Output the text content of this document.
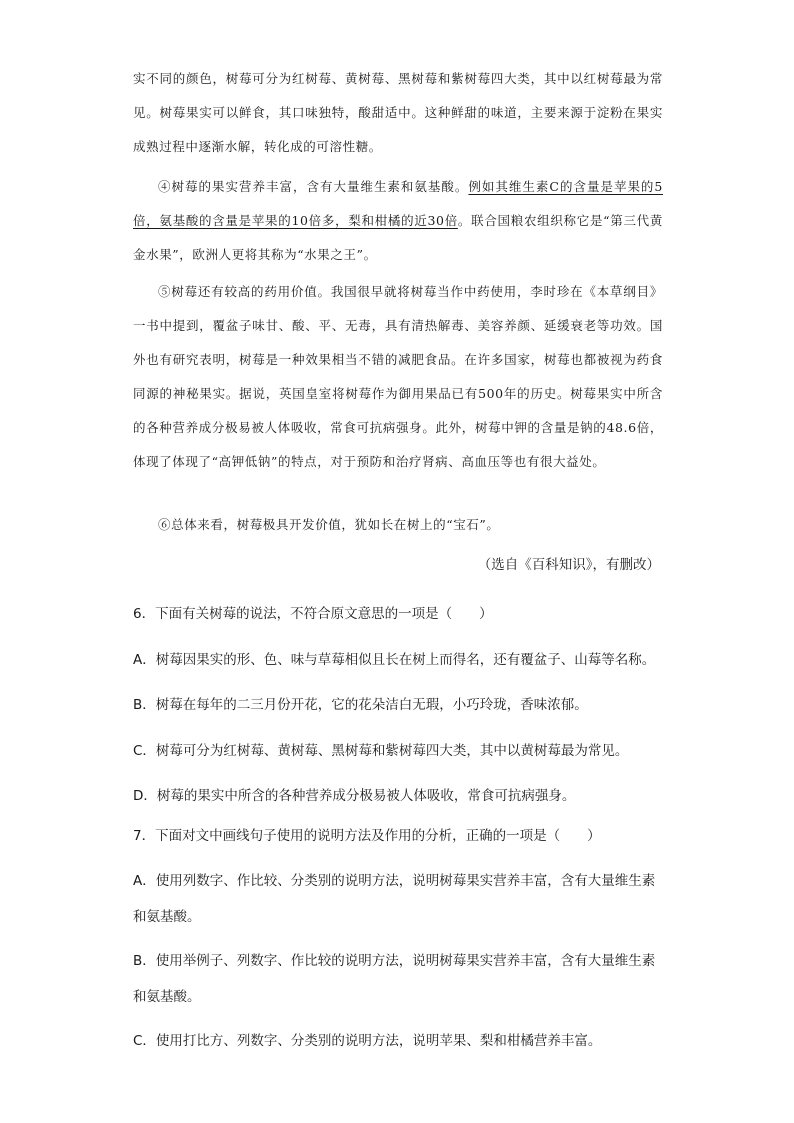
实不同的颜色，树莓可分为红树莓、黄树莓、黑树莓和紫树莓四大类，其中以红树莓最为常见。树莓果实可以鲜食，其口味独特，酸甜适中。这种鲜甜的味道，主要来源于淀粉在果实成熟过程中逐渐水解，转化成的可溶性糖。

④树莓的果实营养丰富，含有大量维生素和氨基酸。例如其维生素C的含量是苹果的5倍，氨基酸的含量是苹果的10倍多，梨和柑橘的近30倍。联合国粮农组织称它是“第三代黄金水果”，欧洲人更将其称为“水果之王”。

⑤树莓还有较高的药用价值。我国很早就将树莓当作中药使用，李时珍在《本草纲目》一书中提到，覆盆子味甘、酸、平、无毒，具有清热解毒、美容养颜、延缓衰老等功效。国外也有研究表明，树莓是一种效果相当不错的减肥食品。在许多国家，树莓也都被视为药食同源的神秘果实。据说，英国皇室将树莓作为御用果品已有500年的历史。树莓果实中所含的各种营养成分极易被人体吸收，常食可抗病强身。此外，树莓中钾的含量是钠的48.6倍，体现了体现了“高钾低钠”的特点，对于预防和治疗肾病、高血压等也有很大益处。

⑥总体来看，树莓极具开发价值，犹如长在树上的“宝石”。

（选自《百科知识》，有删改）

6．下面有关树莓的说法，不符合原文意思的一项是（　　）

A．树莓因果实的形、色、味与草莓相似且长在树上而得名，还有覆盆子、山莓等名称。

B．树莓在每年的二三月份开花，它的花朵洁白无瑕，小巧玲珑，香味浓郁。

C．树莓可分为红树莓、黄树莓、黑树莓和紫树莓四大类，其中以黄树莓最为常见。

D．树莓的果实中所含的各种营养成分极易被人体吸收，常食可抗病强身。

7．下面对文中画线句子使用的说明方法及作用的分析，正确的一项是（　　）

A．使用列数字、作比较、分类别的说明方法，说明树莓果实营养丰富，含有大量维生素和氨基酸。

B．使用举例子、列数字、作比较的说明方法，说明树莓果实营养丰富，含有大量维生素和氨基酸。

C．使用打比方、列数字、分类别的说明方法，说明苹果、梨和柑橘营养丰富。
